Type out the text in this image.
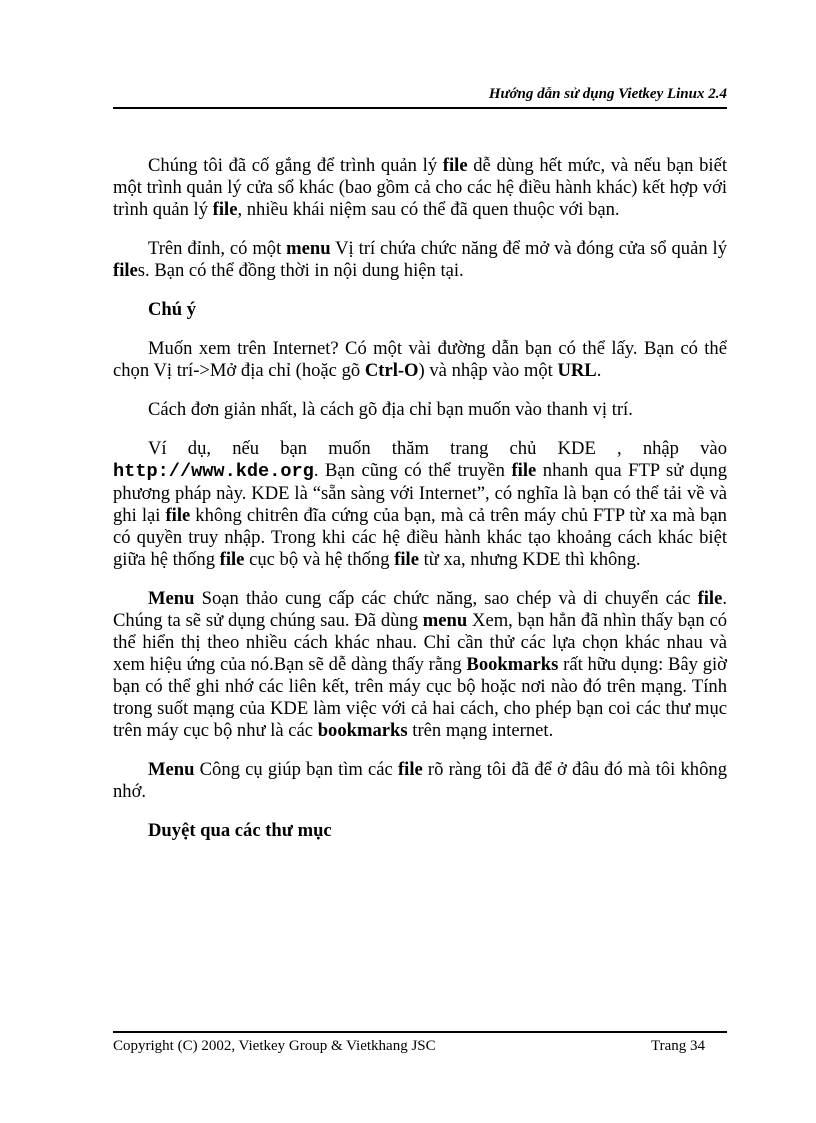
Hướng dẫn sử dụng Vietkey Linux 2.4

Chúng tôi đã cố gắng để trình quản lý file dễ dùng hết mức, và nếu bạn biết một trình quản lý cửa sổ khác (bao gồm cả cho các hệ điều hành khác) kết hợp với trình quản lý file, nhiều khái niệm sau có thể đã quen thuộc với bạn.

Trên đỉnh, có một menu Vị trí chứa chức năng để mở và đóng cửa sổ quản lý files. Bạn có thể đồng thời in nội dung hiện tại.

Chú ý

Muốn xem trên Internet? Có một vài đường dẫn bạn có thể lấy. Bạn có thể chọn Vị trí->Mở địa chỉ (hoặc gõ Ctrl-O) và nhập vào một URL.

Cách đơn giản nhất, là cách gõ địa chỉ bạn muốn vào thanh vị trí.

Ví dụ, nếu bạn muốn thăm trang chủ KDE , nhập vào http://www.kde.org. Bạn cũng có thể truyền file nhanh qua FTP sử dụng phương pháp này. KDE là “sẵn sàng với Internet”, có nghĩa là bạn có thể tải về và ghi lại file không chitrên đĩa cứng của bạn, mà cả trên máy chủ FTP từ xa mà bạn có quyền truy nhập. Trong khi các hệ điều hành khác tạo khoảng cách khác biệt giữa hệ thống file cục bộ và hệ thống file từ xa, nhưng KDE thì không.

Menu Soạn thảo cung cấp các chức năng, sao chép và di chuyển các file. Chúng ta sẽ sử dụng chúng sau. Đã dùng menu Xem, bạn hẳn đã nhìn thấy bạn có thể hiển thị theo nhiều cách khác nhau. Chỉ cần thử các lựa chọn khác nhau và xem hiệu ứng của nó.Bạn sẽ dễ dàng thấy rằng Bookmarks rất hữu dụng: Bây giờ bạn có thể ghi nhớ các liên kết, trên máy cục bộ hoặc nơi nào đó trên mạng. Tính trong suốt mạng của KDE làm việc với cả hai cách, cho phép bạn coi các thư mục trên máy cục bộ như là các bookmarks trên mạng internet.

Menu Công cụ giúp bạn tìm các file rõ ràng tôi đã để ở đâu đó mà tôi không nhớ.

Duyệt qua các thư mục
Copyright (C) 2002, Vietkey Group & Vietkhang JSC	Trang 34
